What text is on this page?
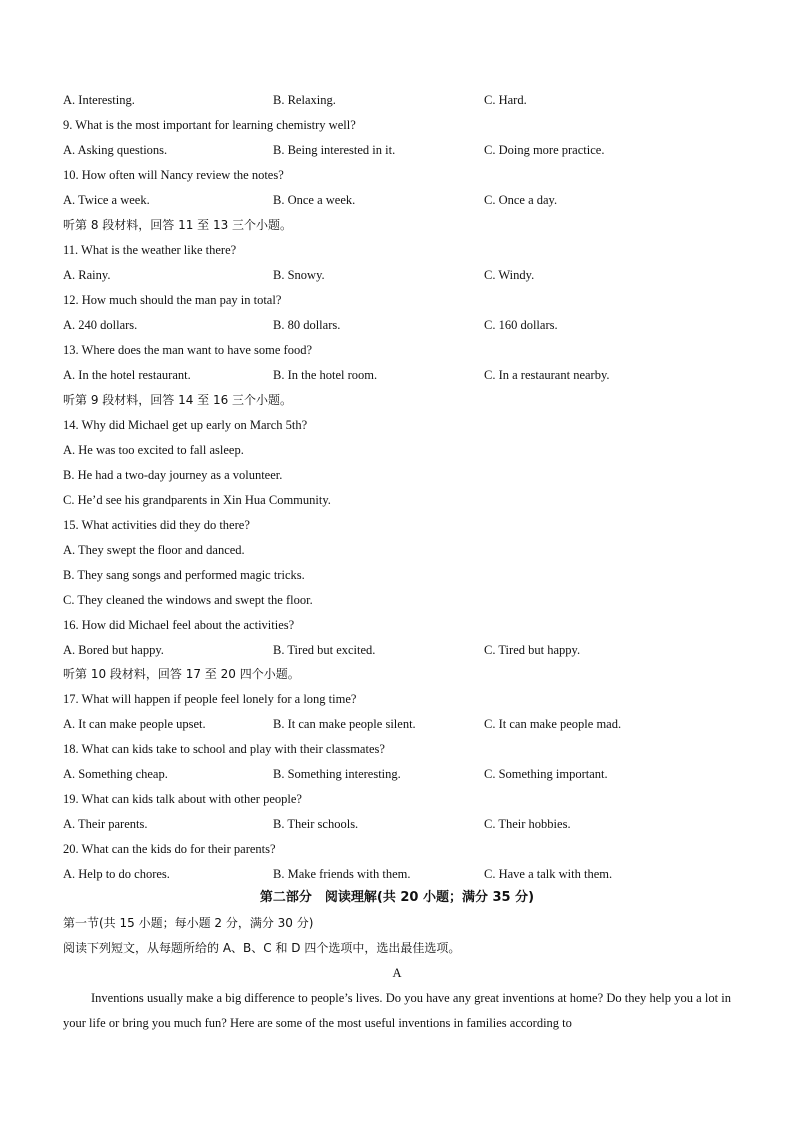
A. Interesting.	B. Relaxing.	C. Hard.
9. What is the most important for learning chemistry well?
A. Asking questions.	B. Being interested in it.	C. Doing more practice.
10. How often will Nancy review the notes?
A. Twice a week.	B. Once a week.	C. Once a day.
听第 8 段材料，回答 11 至 13 三个小题。
11. What is the weather like there?
A. Rainy.	B. Snowy.	C. Windy.
12. How much should the man pay in total?
A. 240 dollars.	B. 80 dollars.	C. 160 dollars.
13. Where does the man want to have some food?
A. In the hotel restaurant.	B. In the hotel room.	C. In a restaurant nearby.
听第 9 段材料，回答 14 至 16 三个小题。
14. Why did Michael get up early on March 5th?
A. He was too excited to fall asleep.
B. He had a two-day journey as a volunteer.
C. He’d see his grandparents in Xin Hua Community.
15. What activities did they do there?
A. They swept the floor and danced.
B. They sang songs and performed magic tricks.
C. They cleaned the windows and swept the floor.
16. How did Michael feel about the activities?
A. Bored but happy.	B. Tired but excited.	C. Tired but happy.
听第 10 段材料，回答 17 至 20 四个小题。
17. What will happen if people feel lonely for a long time?
A. It can make people upset.	B. It can make people silent.	C. It can make people mad.
18. What can kids take to school and play with their classmates?
A. Something cheap.	B. Something interesting.	C. Something important.
19. What can kids talk about with other people?
A. Their parents.	B. Their schools.	C. Their hobbies.
20. What can the kids do for their parents?
A. Help to do chores.	B. Make friends with them.	C. Have a talk with them.
第二部分　阅读理解(共 20 小题；满分 35 分)
第一节(共 15 小题；每小题 2 分，满分 30 分)
阅读下列短文，从每题所给的 A、B、C 和 D 四个选项中，选出最佳选项。
A
Inventions usually make a big difference to people’s lives. Do you have any great inventions at home? Do they help you a lot in your life or bring you much fun? Here are some of the most useful inventions in families according to
